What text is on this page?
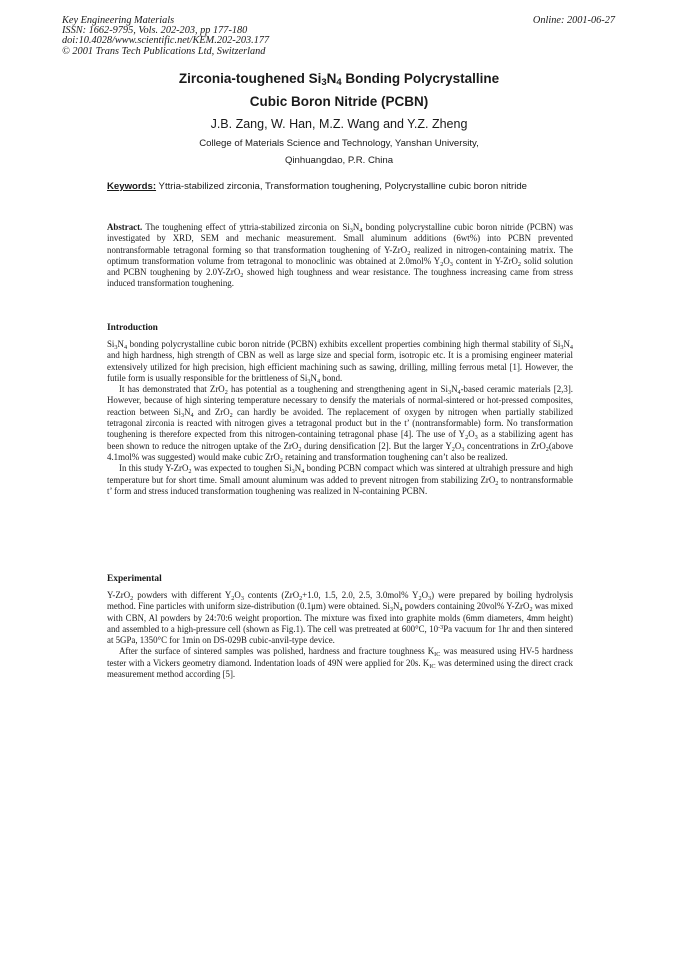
Key Engineering Materials
ISSN: 1662-9795, Vols. 202-203, pp 177-180
doi:10.4028/www.scientific.net/KEM.202-203.177
© 2001 Trans Tech Publications Ltd, Switzerland
Online: 2001-06-27
Zirconia-toughened $Si_3N_4$ Bonding Polycrystalline
Cubic Boron Nitride (PCBN)
J.B. Zang, W. Han, M.Z. Wang and Y.Z. Zheng
College of Materials Science and Technology, Yanshan University,
Qinhuangdao, P.R. China
Keywords: Yttria-stabilized zirconia, Transformation toughening, Polycrystalline cubic boron nitride

Abstract. The toughening effect of yttria-stabilized zirconia on $Si_3N_4$ bonding polycrystalline cubic boron nitride (PCBN) was investigated by XRD, SEM and mechanic measurement. Small aluminum additions (6wt%) into PCBN prevented nontransformable tetragonal forming so that transformation toughening of Y-ZrO$_2$ realized in nitrogen-containing matrix. The optimum transformation volume from tetragonal to monoclinic was obtained at 2.0mol% $Y_2O_3$ content in Y-ZrO$_2$ solid solution and PCBN toughening by 2.0Y-ZrO$_2$ showed high toughness and wear resistance. The toughness increasing came from stress induced transformation toughening.

Introduction

$Si_3N_4$ bonding polycrystalline cubic boron nitride (PCBN) exhibits excellent properties combining high thermal stability of $Si_3N_4$ and high hardness, high strength of CBN as well as large size and special form, isotropic etc. It is a promising engineer material extensively utilized for high precision, high efficient machining such as sawing, drilling, milling ferrous metal [1]. However, the futile form is usually responsible for the brittleness of $Si_3N_4$ bond.

It has demonstrated that ZrO$_2$ has potential as a toughening and strengthening agent in $Si_3N_4$-based ceramic materials [2,3]. However, because of high sintering temperature necessary to densify the materials of normal-sintered or hot-pressed composites, reaction between $Si_3N_4$ and ZrO$_2$ can hardly be avoided. The replacement of oxygen by nitrogen when partially stabilized tetragonal zirconia is reacted with nitrogen gives a tetragonal product but in the t’ (nontransformable) form. No transformation toughening is therefore expected from this nitrogen-containing tetragonal phase [4]. The use of $Y_2O_3$ as a stabilizing agent has been shown to reduce the nitrogen uptake of the ZrO$_2$ during densification [2]. But the larger $Y_2O_3$ concentrations in ZrO$_2$(above 4.1mol% was suggested) would make cubic ZrO$_2$ retaining and transformation toughening can’t also be realized.

In this study Y-ZrO$_2$ was expected to toughen $Si_3N_4$ bonding PCBN compact which was sintered at ultrahigh pressure and high temperature but for short time. Small amount aluminum was added to prevent nitrogen from stabilizing ZrO$_2$ to nontransformable t’ form and stress induced transformation toughening was realized in N-containing PCBN.

Experimental

Y-ZrO$_2$ powders with different $Y_2O_3$ contents (ZrO$_2$+1.0, 1.5, 2.0, 2.5, 3.0mol% $Y_2O_3$) were prepared by boiling hydrolysis method. Fine particles with uniform size-distribution (0.1μm) were obtained. $Si_3N_4$ powders containing 20vol% Y-ZrO$_2$ was mixed with CBN, Al powders by 24:70:6 weight proportion. The mixture was fixed into graphite molds (6mm diameters, 4mm height) and assembled to a high-pressure cell (shown as Fig.1). The cell was pretreated at 600°C, $10^{-3}Pa$ vacuum for 1hr and then sintered at 5GPa, 1350°C for 1min on DS-029B cubic-anvil-type device.

After the surface of sintered samples was polished, hardness and fracture toughness $K_{IC}$ was measured using HV-5 hardness tester with a Vickers geometry diamond. Indentation loads of 49N were applied for 20s. $K_{IC}$ was determined using the direct crack measurement method according [5].
